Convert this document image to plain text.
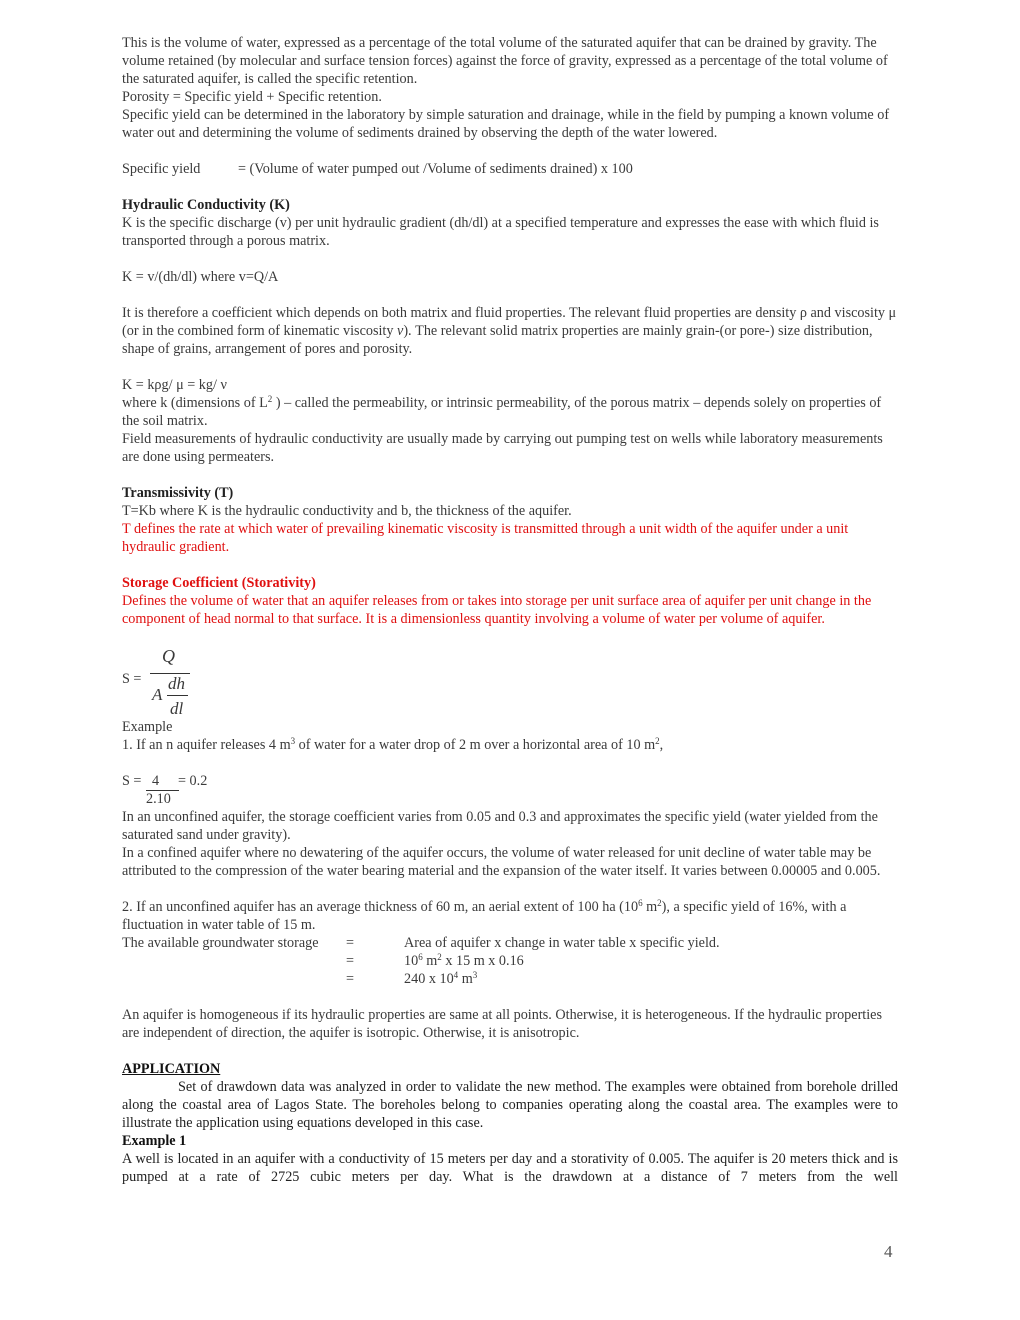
This is the volume of water, expressed as a percentage of the total volume of the saturated aquifer that can be drained by gravity. The volume retained (by molecular and surface tension forces) against the force of gravity, expressed as a percentage of the total volume of the saturated aquifer, is called the specific retention.

Porosity = Specific yield + Specific retention.

Specific yield can be determined in the laboratory by simple saturation and drainage, while in the field by pumping a known volume of water out and determining the volume of sediments drained by observing the depth of the water lowered.

Specific yield	= (Volume of water pumped out /Volume of sediments drained) x 100

Hydraulic Conductivity (K)

K is the specific discharge (v) per unit hydraulic gradient (dh/dl) at a specified temperature and expresses the ease with which fluid is transported through a porous matrix.

K = v/(dh/dl) where v=Q/A

It is therefore a coefficient which depends on both matrix and fluid properties. The relevant fluid properties are density ρ and viscosity μ (or in the combined form of kinematic viscosity v). The relevant solid matrix properties are mainly grain-(or pore-) size distribution, shape of grains, arrangement of pores and porosity.

K = kρg/ μ = kg/ ν

where k (dimensions of $L^2$ ) – called the permeability, or intrinsic permeability, of the porous matrix – depends solely on properties of the soil matrix.

Field measurements of hydraulic conductivity are usually made by carrying out pumping test on wells while laboratory measurements are done using permeaters.

Transmissivity (T)

T=Kb where K is the hydraulic conductivity and b, the thickness of the aquifer.

T defines the rate at which water of prevailing kinematic viscosity is transmitted through a unit width of the aquifer under a unit hydraulic gradient.

Storage Coefficient (Storativity)

Defines the volume of water that an aquifer releases from or takes into storage per unit surface area of aquifer per unit change in the component of head normal to that surface. It is a dimensionless quantity involving a volume of water per volume of aquifer.

S =
Q
A
dh
dl

Example

1. If an n aquifer releases 4 $m^3$ of water for a water drop of 2 m over a horizontal area of 10 $m^2$,

S = 4 = 0.2
2.10

In an unconfined aquifer, the storage coefficient varies from 0.05 and 0.3 and approximates the specific yield (water yielded from the saturated sand under gravity).

In a confined aquifer where no dewatering of the aquifer occurs, the volume of water released for unit decline of water table may be attributed to the compression of the water bearing material and the expansion of the water itself. It varies between 0.00005 and 0.005.

2. If an unconfined aquifer has an average thickness of 60 m, an aerial extent of 100 ha ($10^6$ $m^2$), a specific yield of 16%, with a fluctuation in water table of 15 m.

The available groundwater storage =	Area of aquifer x change in water table x specific yield.
=	$10^6$ $m^2$ x 15 m x 0.16
=	240 x $10^4$ $m^3$

An aquifer is homogeneous if its hydraulic properties are same at all points. Otherwise, it is heterogeneous. If the hydraulic properties are independent of direction, the aquifer is isotropic. Otherwise, it is anisotropic.

APPLICATION

Set of drawdown data was analyzed in order to validate the new method. The examples were obtained from borehole drilled along the coastal area of Lagos State. The boreholes belong to companies operating along the coastal area. The examples were to illustrate the application using equations developed in this case.

Example 1

A well is located in an aquifer with a conductivity of 15 meters per day and a storativity of 0.005. The aquifer is 20 meters thick and is pumped at a rate of 2725 cubic meters per day. What is the drawdown at a distance of 7 meters from the well

4
